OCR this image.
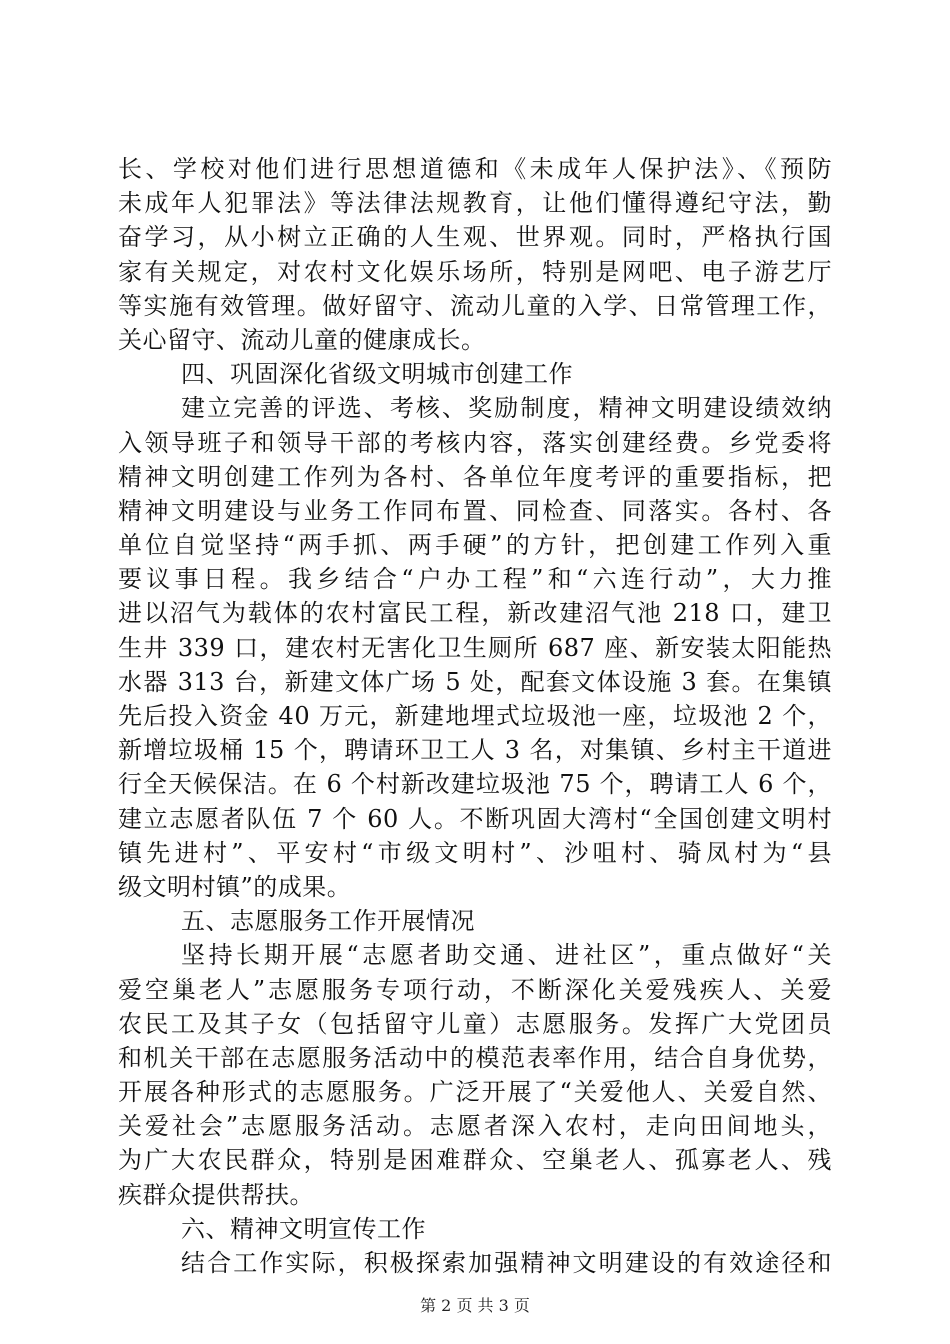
长、学校对他们进行思想道德和《未成年人保护法》、《预防
未成年人犯罪法》等法律法规教育，让他们懂得遵纪守法，勤
奋学习，从小树立正确的人生观、世界观。同时，严格执行国
家有关规定，对农村文化娱乐场所，特别是网吧、电子游艺厅
等实施有效管理。做好留守、流动儿童的入学、日常管理工作，
关心留守、流动儿童的健康成长。
四、巩固深化省级文明城市创建工作
建立完善的评选、考核、奖励制度，精神文明建设绩效纳
入领导班子和领导干部的考核内容，落实创建经费。乡党委将
精神文明创建工作列为各村、各单位年度考评的重要指标，把
精神文明建设与业务工作同布置、同检查、同落实。各村、各
单位自觉坚持“两手抓、两手硬”的方针，把创建工作列入重
要议事日程。我乡结合“户办工程”和“六连行动”，大力推
进以沼气为载体的农村富民工程，新改建沼气池 218 口，建卫
生井 339 口，建农村无害化卫生厕所 687 座、新安装太阳能热
水器 313 台，新建文体广场 5 处，配套文体设施 3 套。在集镇
先后投入资金 40 万元，新建地埋式垃圾池一座，垃圾池 2 个，
新增垃圾桶 15 个，聘请环卫工人 3 名，对集镇、乡村主干道进
行全天候保洁。在 6 个村新改建垃圾池 75 个，聘请工人 6 个，
建立志愿者队伍 7 个 60 人。不断巩固大湾村“全国创建文明村
镇先进村”、平安村“市级文明村”、沙咀村、骑凤村为“县
级文明村镇”的成果。
五、志愿服务工作开展情况
坚持长期开展“志愿者助交通、进社区”，重点做好“关
爱空巢老人”志愿服务专项行动，不断深化关爱残疾人、关爱
农民工及其子女（包括留守儿童）志愿服务。发挥广大党团员
和机关干部在志愿服务活动中的模范表率作用，结合自身优势，
开展各种形式的志愿服务。广泛开展了“关爱他人、关爱自然、
关爱社会”志愿服务活动。志愿者深入农村，走向田间地头，
为广大农民群众，特别是困难群众、空巢老人、孤寡老人、残
疾群众提供帮扶。
六、精神文明宣传工作
结合工作实际，积极探索加强精神文明建设的有效途径和
第 2 页 共 3 页
